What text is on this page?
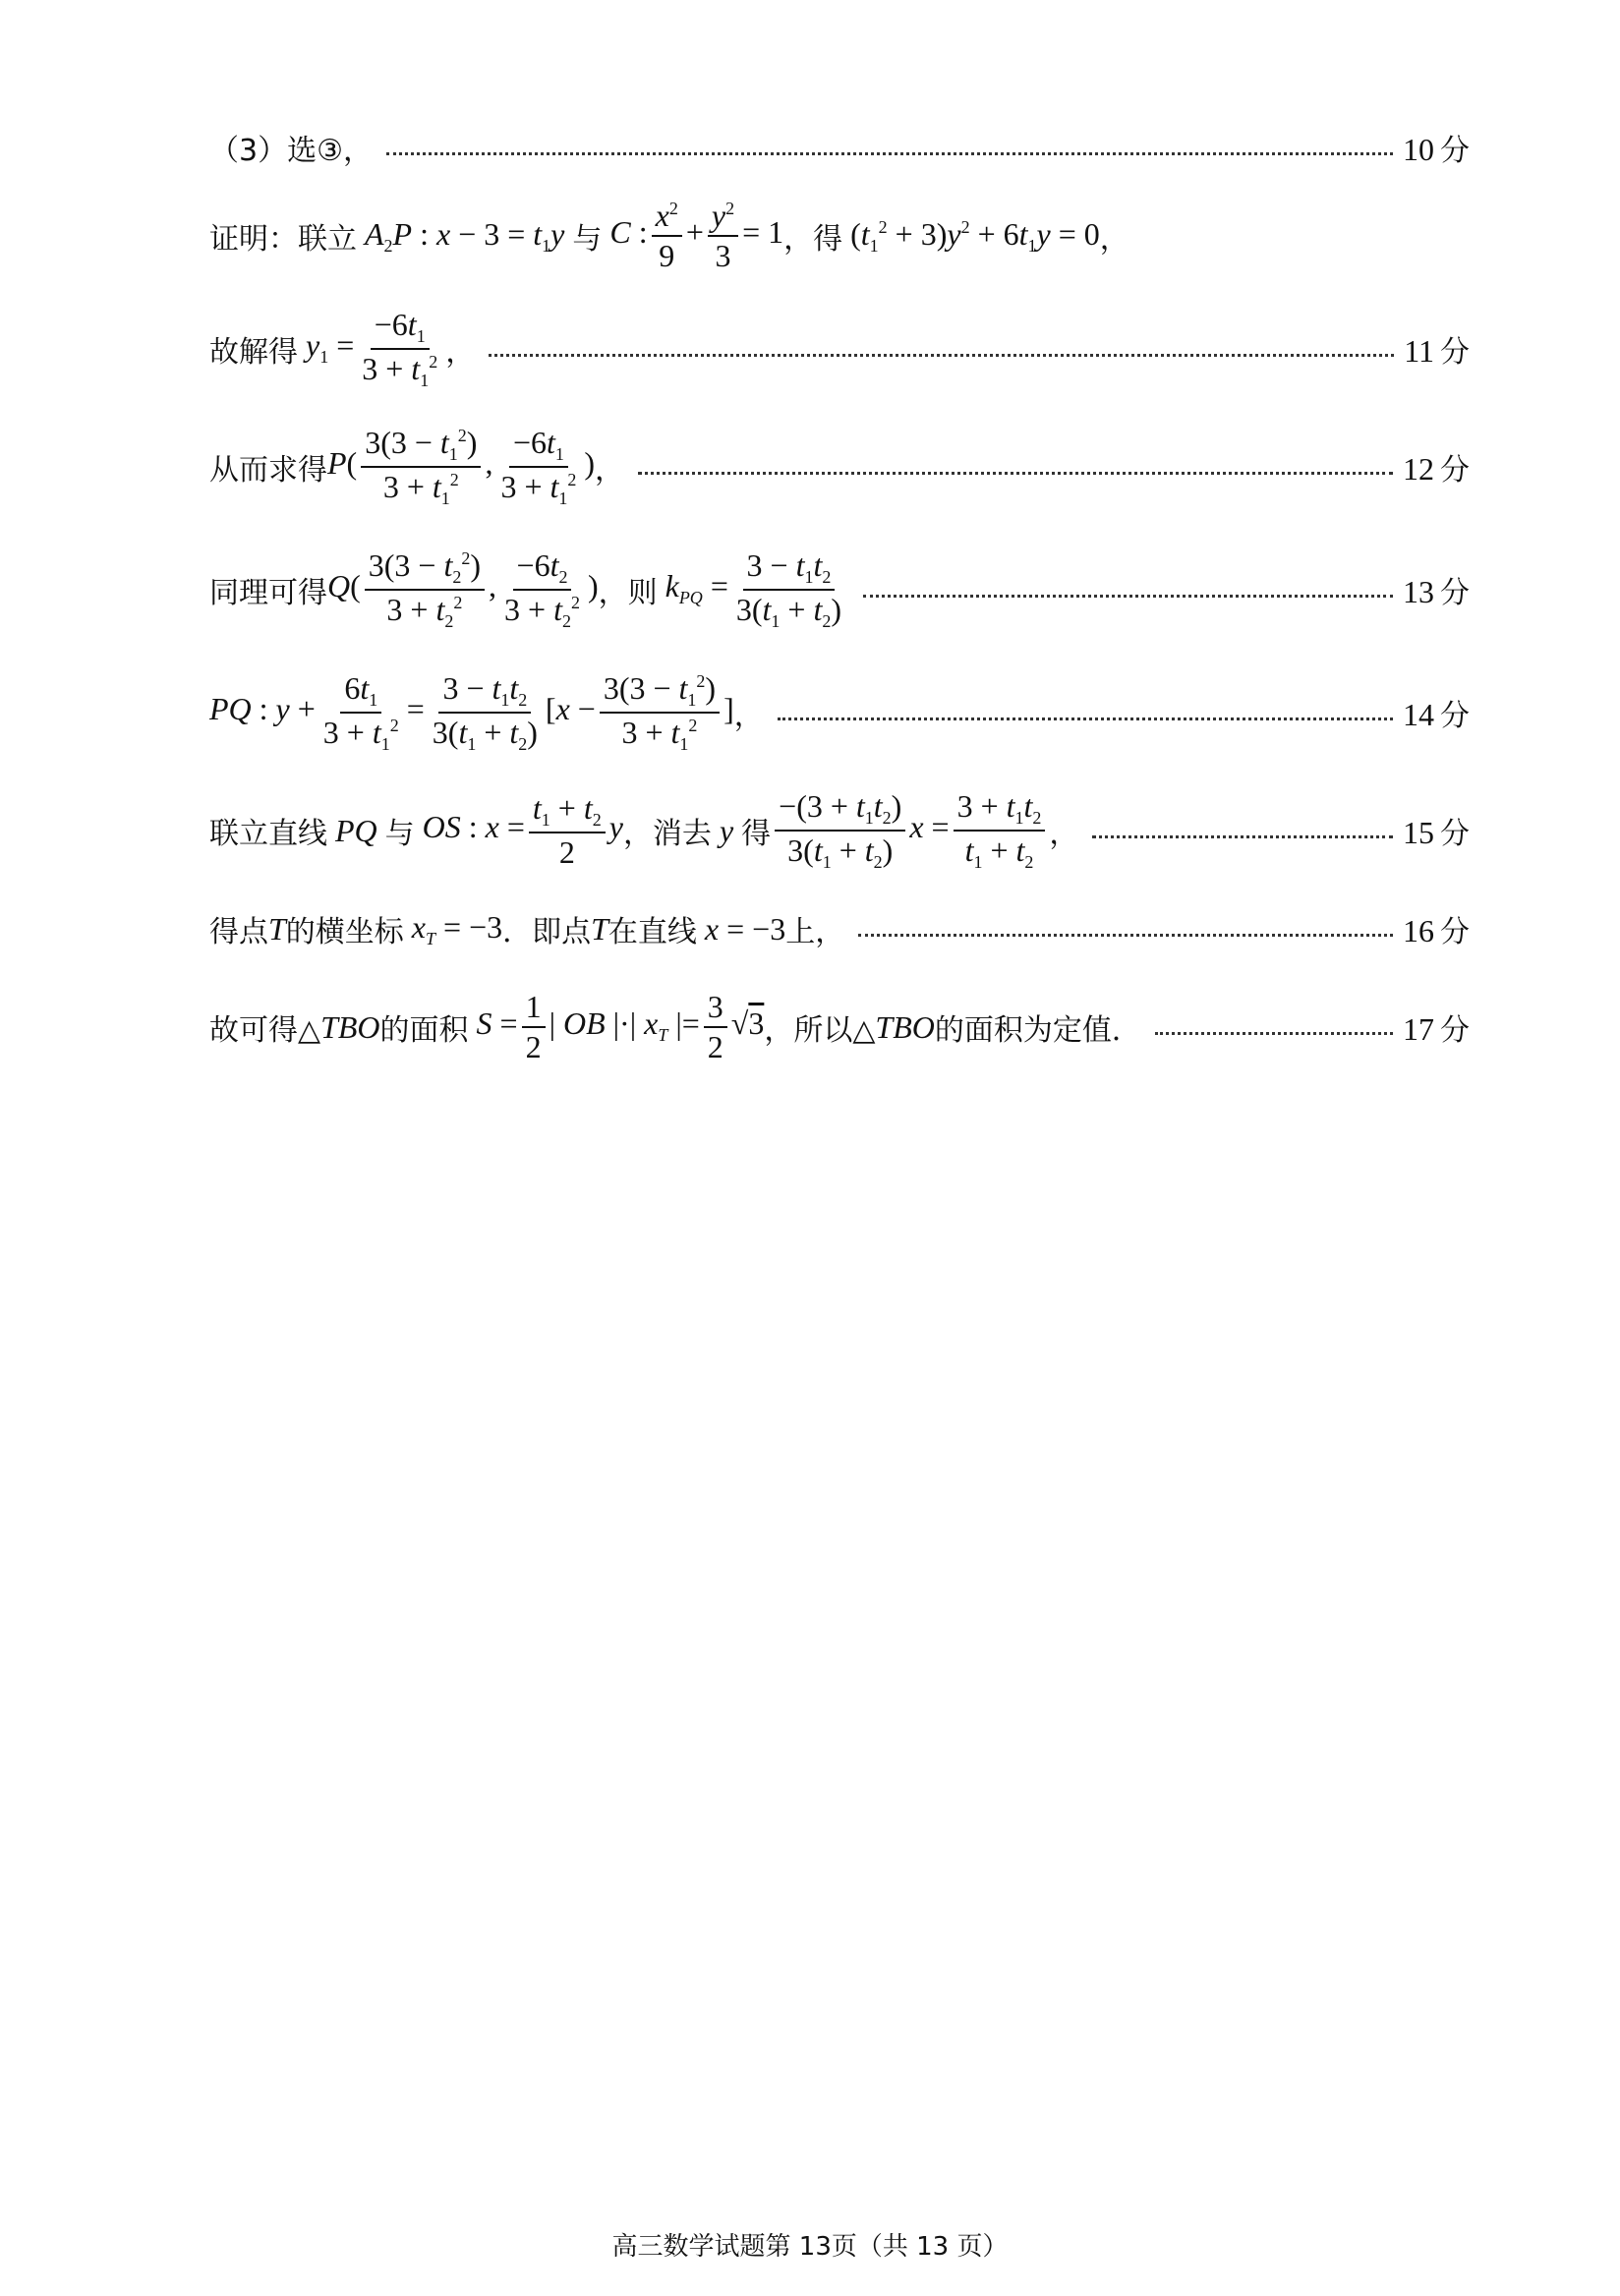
（3）选③，	10 分
证明：联立 $A_2P$ : $x - 3 = t_1y$ 与 C : $\frac{x^2}{9} + \frac{y^2}{3} = 1$ ，得 $(t_1^2 + 3)y^2 + 6t_1y = 0$ ，
故解得 $y_1 = \frac{-6t_1}{3 + t_1^2}$ ，	11 分
从而求得 $P( \frac{3(3 - t_1^2)}{3 + t_1^2}$ , $\frac{-6t_1}{3 + t_1^2}$ ) ，	12 分
同理可得 $Q( \frac{3(3 - t_2^2)}{3 + t_2^2}$ , $\frac{-6t_2}{3 + t_2^2}$ ) ，则 $k_{PQ} = \frac{3 - t_1t_2}{3(t_1 + t_2)}$	13 分
PQ : $y + \frac{6t_1}{3 + t_1^2} = \frac{3 - t_1t_2}{3(t_1 + t_2)} [x - \frac{3(3 - t_1^2)}{3 + t_1^2}$ ] ，	14 分
联立直线 PQ 与 OS : $x = \frac{t_1 + t_2}{2}$ y ，消去 y 得 $\frac{-(3 + t_1t_2)}{3(t_1 + t_2)}$ $x = \frac{3 + t_1t_2}{t_1 + t_2}$ ，	15 分
得点 T 的横坐标 $x_T = -3$ ．即点 T 在直线 x = −3 上，	16 分
故可得△ TBO 的面积 $S = \frac{1}{2}$ | OB |·| $x_T$ |= $\frac{3}{2} √3$ ，所以△ TBO 的面积为定值．	17 分
高三数学试题第 13页（共 13 页）
